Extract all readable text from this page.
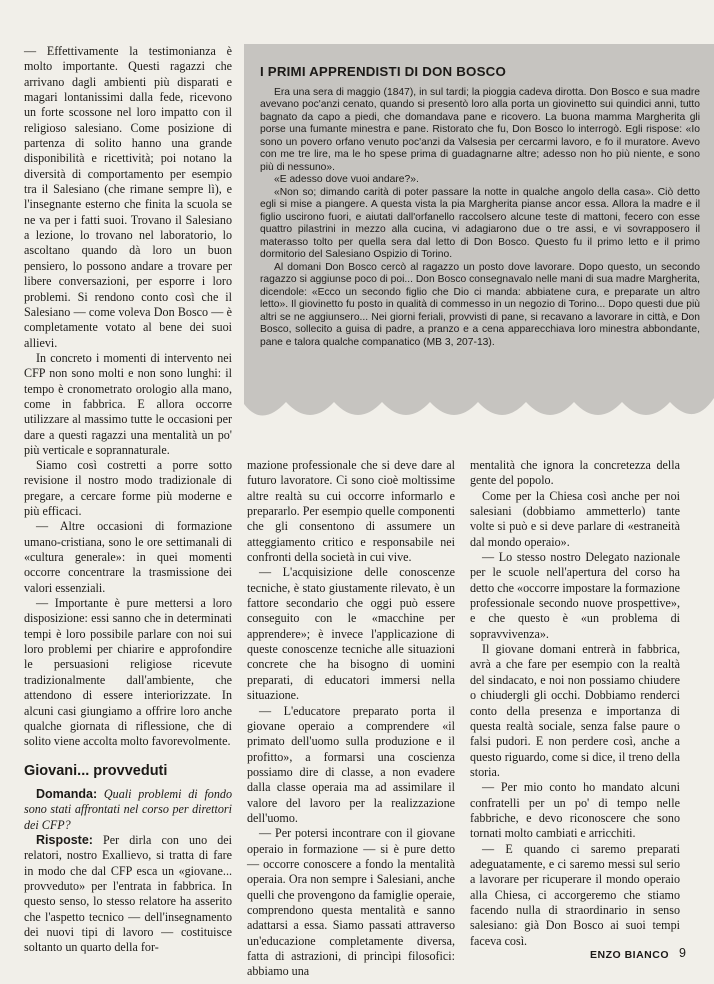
— Effettivamente la testimonianza è molto importante. Questi ragazzi che arrivano dagli ambienti più disparati e magari lontanissimi dalla fede, ricevono un forte scossone nel loro impatto con il religioso salesiano. Come posizione di partenza di solito hanno una grande disponibilità e ricettività; poi notano la diversità di comportamento per esempio tra il Salesiano (che rimane sempre lì), e l'insegnante esterno che finita la scuola se ne va per i fatti suoi. Trovano il Salesiano a lezione, lo trovano nel laboratorio, lo ascoltano quando dà loro un buon pensiero, lo possono andare a trovare per libere conversazioni, per esporre i loro problemi. Si rendono conto così che il Salesiano — come voleva Don Bosco — è completamente votato al bene dei suoi allievi.

In concreto i momenti di intervento nei CFP non sono molti e non sono lunghi: il tempo è cronometrato orologio alla mano, come in fabbrica. E allora occorre utilizzare al massimo tutte le occasioni per dare a questi ragazzi una mentalità un po' più verticale e soprannaturale.

I PRIMI APPRENDISTI DI DON BOSCO

Era una sera di maggio (1847), in sul tardi; la pioggia cadeva dirotta. Don Bosco e sua madre avevano poc'anzi cenato, quando si presentò loro alla porta un giovinetto sui quindici anni, tutto bagnato da capo a piedi, che domandava pane e ricovero. La buona mamma Margherita gli porse una fumante minestra e pane. Ristorato che fu, Don Bosco lo interrogò. Egli rispose: «Io sono un povero orfano venuto poc'anzi da Valsesia per cercarmi lavoro, e fo il muratore. Avevo con me tre lire, ma le ho spese prima di guadagnarne altre; adesso non ho più niente, e sono più di nessuno».

«E adesso dove vuoi andare?».

«Non so; dimando carità di poter passare la notte in qualche angolo della casa». Ciò detto egli si mise a piangere. A questa vista la pia Margherita pianse ancor essa. Allora la madre e il figlio uscirono fuori, e aiutati dall'orfanello raccolsero alcune teste di mattoni, fecero con esse quattro pilastrini in mezzo alla cucina, vi adagiarono due o tre assi, e vi sovrapposero il materasso tolto per quella sera dal letto di Don Bosco. Questo fu il primo letto e il primo dormitorio del Salesiano Ospizio di Torino.

Al domani Don Bosco cercò al ragazzo un posto dove lavorare. Dopo questo, un secondo ragazzo si aggiunse poco di poi... Don Bosco consegnavalo nelle mani di sua madre Margherita, dicendole: «Ecco un secondo figlio che Dio ci manda: abbiatene cura, e preparate un altro letto». Il giovinetto fu posto in qualità di commesso in un negozio di Torino... Dopo questi due più altri se ne aggiunsero... Nei giorni feriali, provvisti di pane, si recavano a lavorare in città, e Don Bosco, sollecito a guisa di padre, a pranzo e a cena apparecchiava loro minestra abbondante, pane e talora qualche companatico (MB 3, 207-13).

Siamo così costretti a porre sotto revisione il nostro modo tradizionale di pregare, a cercare forme più moderne e più efficaci.

— Altre occasioni di formazione umano-cristiana, sono le ore settimanali di «cultura generale»: in quei momenti occorre concentrare la trasmissione dei valori essenziali.

— Importante è pure mettersi a loro disposizione: essi sanno che in determinati tempi è loro possibile parlare con noi sui loro problemi per chiarire e approfondire le persuasioni religiose ricevute tradizionalmente dall'ambiente, che attendono di essere interiorizzate. In alcuni casi giungiamo a offrire loro anche qualche giornata di riflessione, che di solito viene accolta molto favorevolmente.

Giovani... provveduti

Domanda: Quali problemi di fondo sono stati affrontati nel corso per direttori dei CFP?

Risposte: Per dirla con uno dei relatori, nostro Exallievo, si tratta di fare in modo che dal CFP esca un «giovane... provveduto» per l'entrata in fabbrica. In questo senso, lo stesso relatore ha asserito che l'aspetto tecnico — dell'insegnamento dei nuovi tipi di lavoro — costituisce soltanto un quarto della for-

mazione professionale che si deve dare al futuro lavoratore. Ci sono cioè moltissime altre realtà su cui occorre informarlo e prepararlo. Per esempio quelle componenti che gli consentono di assumere un atteggiamento critico e responsabile nei confronti della società in cui vive.

— L'acquisizione delle conoscenze tecniche, è stato giustamente rilevato, è un fattore secondario che oggi può essere conseguito con le «macchine per apprendere»; è invece l'applicazione di queste conoscenze tecniche alle situazioni concrete che ha bisogno di uomini preparati, di educatori immersi nella situazione.

— L'educatore preparato porta il giovane operaio a comprendere «il primato dell'uomo sulla produzione e il profitto», a formarsi una coscienza possiamo dire di classe, a non evadere dalla classe operaia ma ad assimilare il valore del lavoro per la realizzazione dell'uomo.

— Per potersi incontrare con il giovane operaio in formazione — si è pure detto — occorre conoscere a fondo la mentalità operaia. Ora non sempre i Salesiani, anche quelli che provengono da famiglie operaie, comprendono questa mentalità e sanno adattarsi a essa. Siamo passati attraverso un'educazione completamente diversa, fatta di astrazioni, di princìpi filosofici: abbiamo una

mentalità che ignora la concretezza della gente del popolo.

Come per la Chiesa così anche per noi salesiani (dobbiamo ammetterlo) tante volte si può e si deve parlare di «estraneità dal mondo operaio».

— Lo stesso nostro Delegato nazionale per le scuole nell'apertura del corso ha detto che «occorre impostare la formazione professionale secondo nuove prospettive», e che questo è «un problema di sopravvivenza».

Il giovane domani entrerà in fabbrica, avrà a che fare per esempio con la realtà del sindacato, e noi non possiamo chiudere o chiudergli gli occhi. Dobbiamo renderci conto della presenza e importanza di questa realtà sociale, senza false paure o falsi pudori. E non perdere così, anche a questo riguardo, come si dice, il treno della storia.

— Per mio conto ho mandato alcuni confratelli per un po' di tempo nelle fabbriche, e devo riconoscere che sono tornati molto cambiati e arricchiti.

— E quando ci saremo preparati adeguatamente, e ci saremo messi sul serio a lavorare per ricuperare il mondo operaio alla Chiesa, ci accorgeremo che stiamo facendo nulla di straordinario in senso salesiano: già Don Bosco ai suoi tempi faceva così.

ENZO BIANCO 9
